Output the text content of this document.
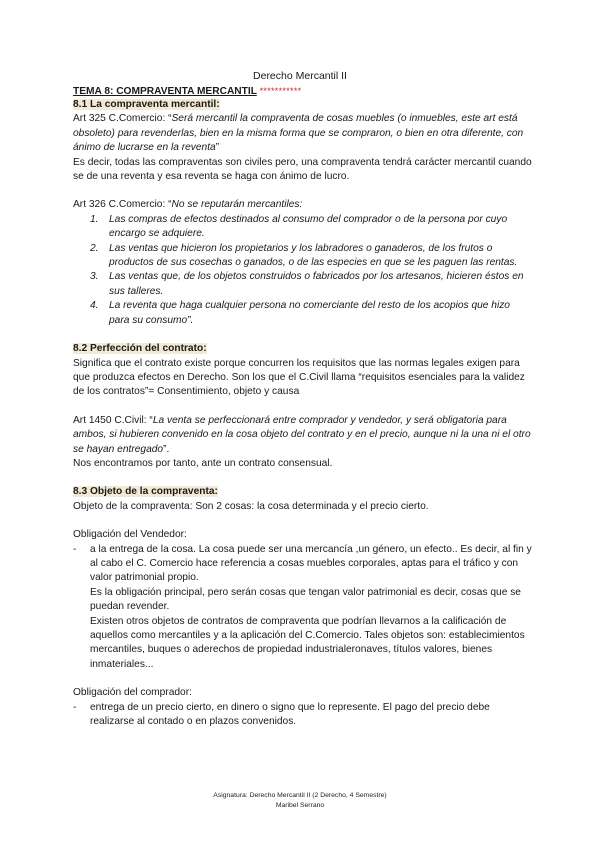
Derecho Mercantil II

TEMA 8: COMPRAVENTA MERCANTIL ***********

8.1 La compraventa mercantil:

Art 325 C.Comercio: “Será mercantil la compraventa de cosas muebles (o inmuebles, este art está obsoleto) para revenderlas, bien en la misma forma que se compraron, o bien en otra diferente, con ánimo de lucrarse en la reventa”

Es decir, todas las compraventas son civiles pero, una compraventa tendrá carácter mercantil cuando se de una reventa y esa reventa se haga con ánimo de lucro.

Art 326 C.Comercio: “No se reputarán mercantiles:

1. Las compras de efectos destinados al consumo del comprador o de la persona por cuyo encargo se adquiere.
2. Las ventas que hicieron los propietarios y los labradores o ganaderos, de los frutos o productos de sus cosechas o ganados, o de las especies en que se les paguen las rentas.
3. Las ventas que, de los objetos construidos o fabricados por los artesanos, hicieren éstos en sus talleres.
4. La reventa que haga cualquier persona no comerciante del resto de los acopios que hizo para su consumo”.

8.2 Perfección del contrato:

Significa que el contrato existe porque concurren los requisitos que las normas legales exigen para que produzca efectos en Derecho. Son los que el C.Civil llama “requisitos esenciales para la validez de los contratos”= Consentimiento, objeto y causa

Art 1450 C.Civil: “La venta se perfeccionará entre comprador y vendedor, y será obligatoria para ambos, si hubieren convenido en la cosa objeto del contrato y en el precio, aunque ni la una ni el otro se hayan entregado”.

Nos encontramos por tanto, ante un contrato consensual.

8.3 Objeto de la compraventa:

Objeto de la compraventa: Son 2 cosas: la cosa determinada y el precio cierto.

Obligación del Vendedor:

- a la entrega de la cosa. La cosa puede ser una mercancía ,un género, un efecto.. Es decir, al fin y al cabo el C. Comercio hace referencia a cosas muebles corporales, aptas para el tráfico y con valor patrimonial propio.

Es la obligación principal, pero serán cosas que tengan valor patrimonial es decir, cosas que se puedan revender.

Existen otros objetos de contratos de compraventa que podrían llevarnos a la calificación de aquellos como mercantiles y a la aplicación del C.Comercio. Tales objetos son: establecimientos mercantiles, buques o aderechos de propiedad industrialeronaves, títulos valores, bienes inmateriales...

Obligación del comprador:

- entrega de un precio cierto, en dinero o signo que lo represente. El pago del precio debe realizarse al contado o en plazos convenidos.

Asignatura: Derecho Mercantil II (2 Derecho, 4 Semestre)
Maribel Serrano
